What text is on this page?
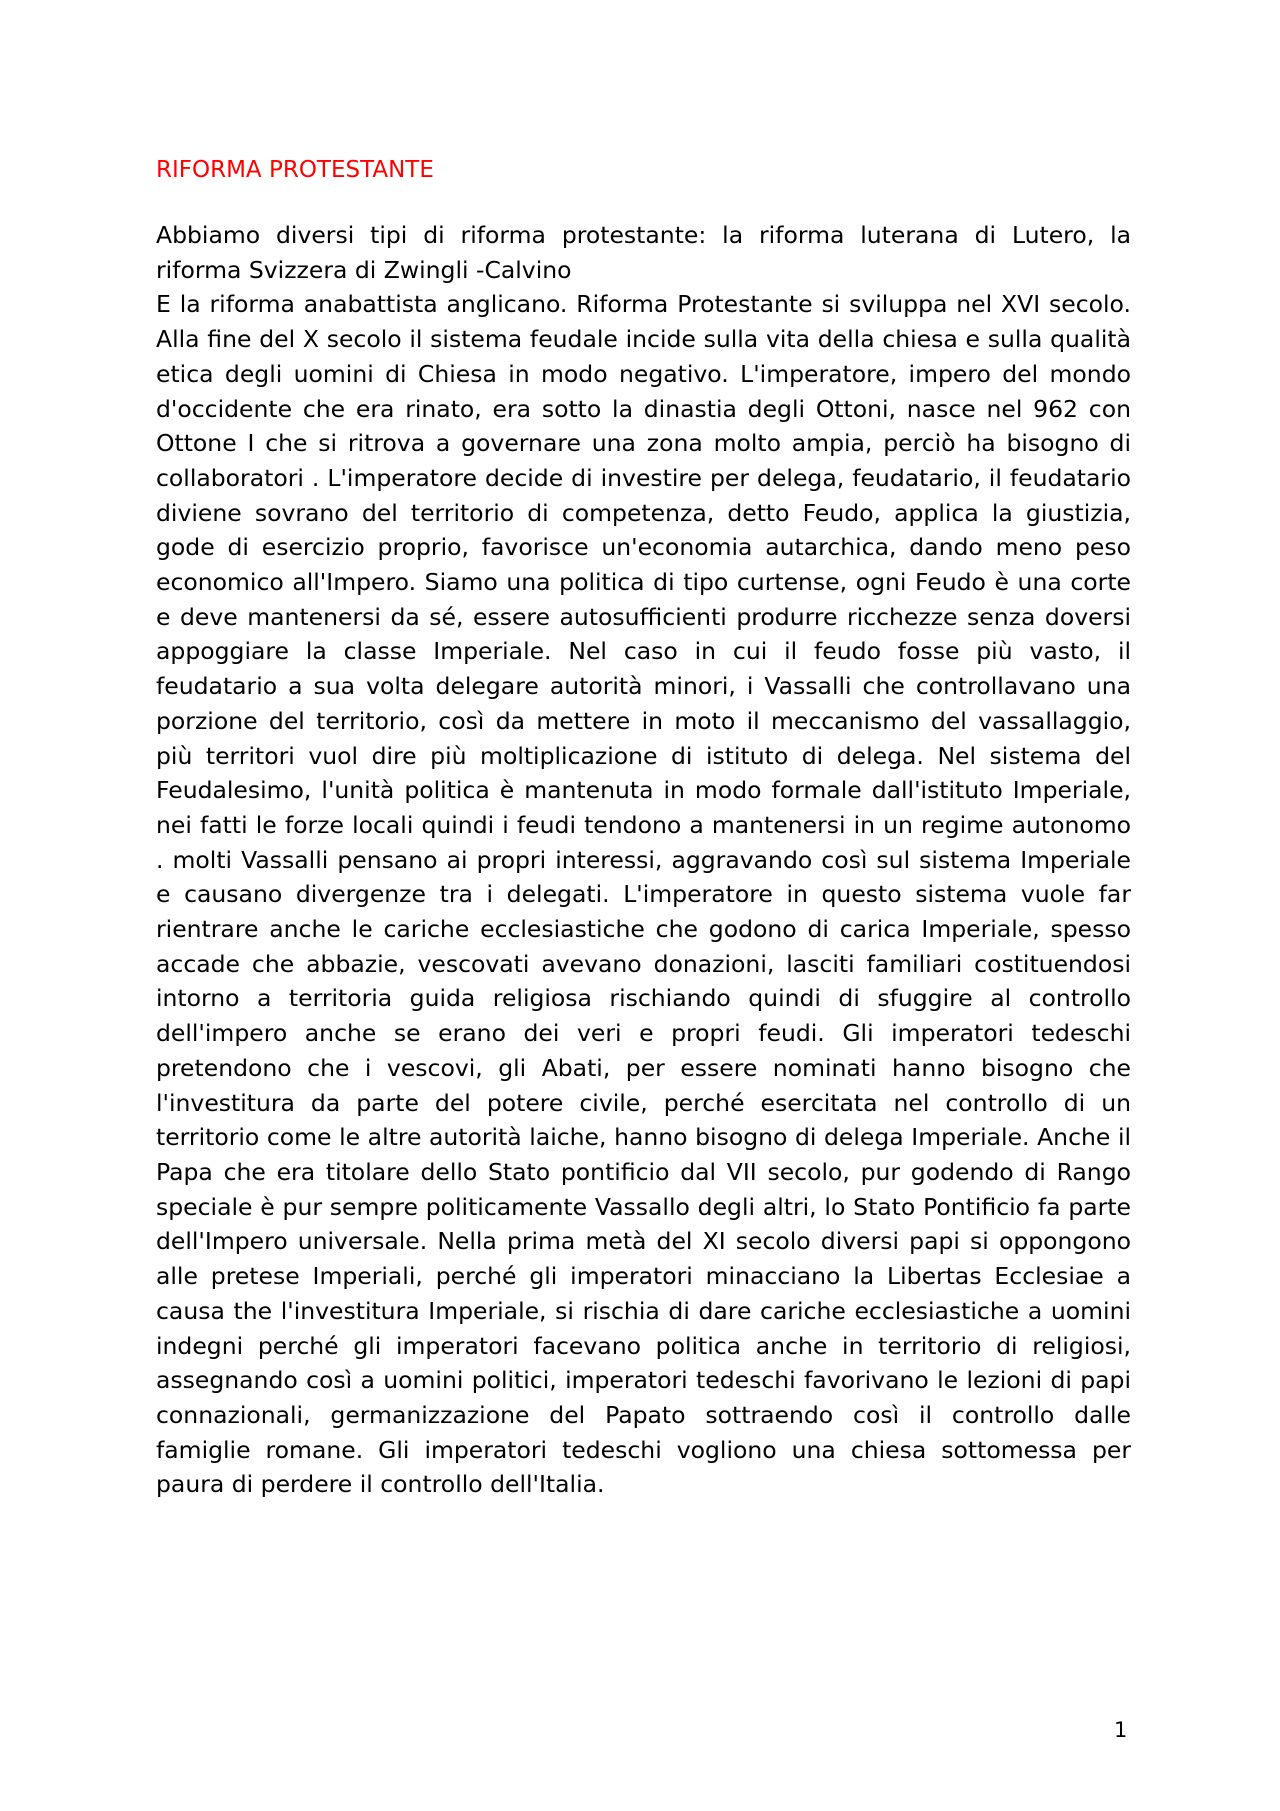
RIFORMA PROTESTANTE

Abbiamo diversi tipi di riforma protestante: la riforma luterana di Lutero, la riforma Svizzera di Zwingli -Calvino

E la riforma anabattista anglicano. Riforma Protestante si sviluppa nel XVI secolo. Alla fine del X secolo il sistema feudale incide sulla vita della chiesa e sulla qualità etica degli uomini di Chiesa in modo negativo. L'imperatore, impero del mondo d'occidente che era rinato, era sotto la dinastia degli Ottoni, nasce nel 962 con Ottone I che si ritrova a governare una zona molto ampia, perciò ha bisogno di collaboratori . L'imperatore decide di investire per delega, feudatario, il feudatario diviene sovrano del territorio di competenza, detto Feudo, applica la giustizia, gode di esercizio proprio, favorisce un'economia autarchica, dando meno peso economico all'Impero. Siamo una politica di tipo curtense, ogni Feudo è una corte e deve mantenersi da sé, essere autosufficienti produrre ricchezze senza doversi appoggiare la classe Imperiale. Nel caso in cui il feudo fosse più vasto, il feudatario a sua volta delegare autorità minori, i Vassalli che controllavano una porzione del territorio, così da mettere in moto il meccanismo del vassallaggio, più territori vuol dire più moltiplicazione di istituto di delega. Nel sistema del Feudalesimo, l'unità politica è mantenuta in modo formale dall'istituto Imperiale, nei fatti le forze locali quindi i feudi tendono a mantenersi in un regime autonomo . molti Vassalli pensano ai propri interessi, aggravando così sul sistema Imperiale e causano divergenze tra i delegati. L'imperatore in questo sistema vuole far rientrare anche le cariche ecclesiastiche che godono di carica Imperiale, spesso accade che abbazie, vescovati avevano donazioni, lasciti familiari costituendosi intorno a territoria guida religiosa rischiando quindi di sfuggire al controllo dell'impero anche se erano dei veri e propri feudi. Gli imperatori tedeschi pretendono che i vescovi, gli Abati, per essere nominati hanno bisogno che l'investitura da parte del potere civile, perché esercitata nel controllo di un territorio come le altre autorità laiche, hanno bisogno di delega Imperiale. Anche il Papa che era titolare dello Stato pontificio dal VII secolo, pur godendo di Rango speciale è pur sempre politicamente Vassallo degli altri, lo Stato Pontificio fa parte dell'Impero universale. Nella prima metà del XI secolo diversi papi si oppongono alle pretese Imperiali, perché gli imperatori minacciano la Libertas Ecclesiae a causa the l'investitura Imperiale, si rischia di dare cariche ecclesiastiche a uomini indegni perché gli imperatori facevano politica anche in territorio di religiosi, assegnando così a uomini politici, imperatori tedeschi favorivano le lezioni di papi connazionali, germanizzazione del Papato sottraendo così il controllo dalle famiglie romane. Gli imperatori tedeschi vogliono una chiesa sottomessa per paura di perdere il controllo dell'Italia.

1
